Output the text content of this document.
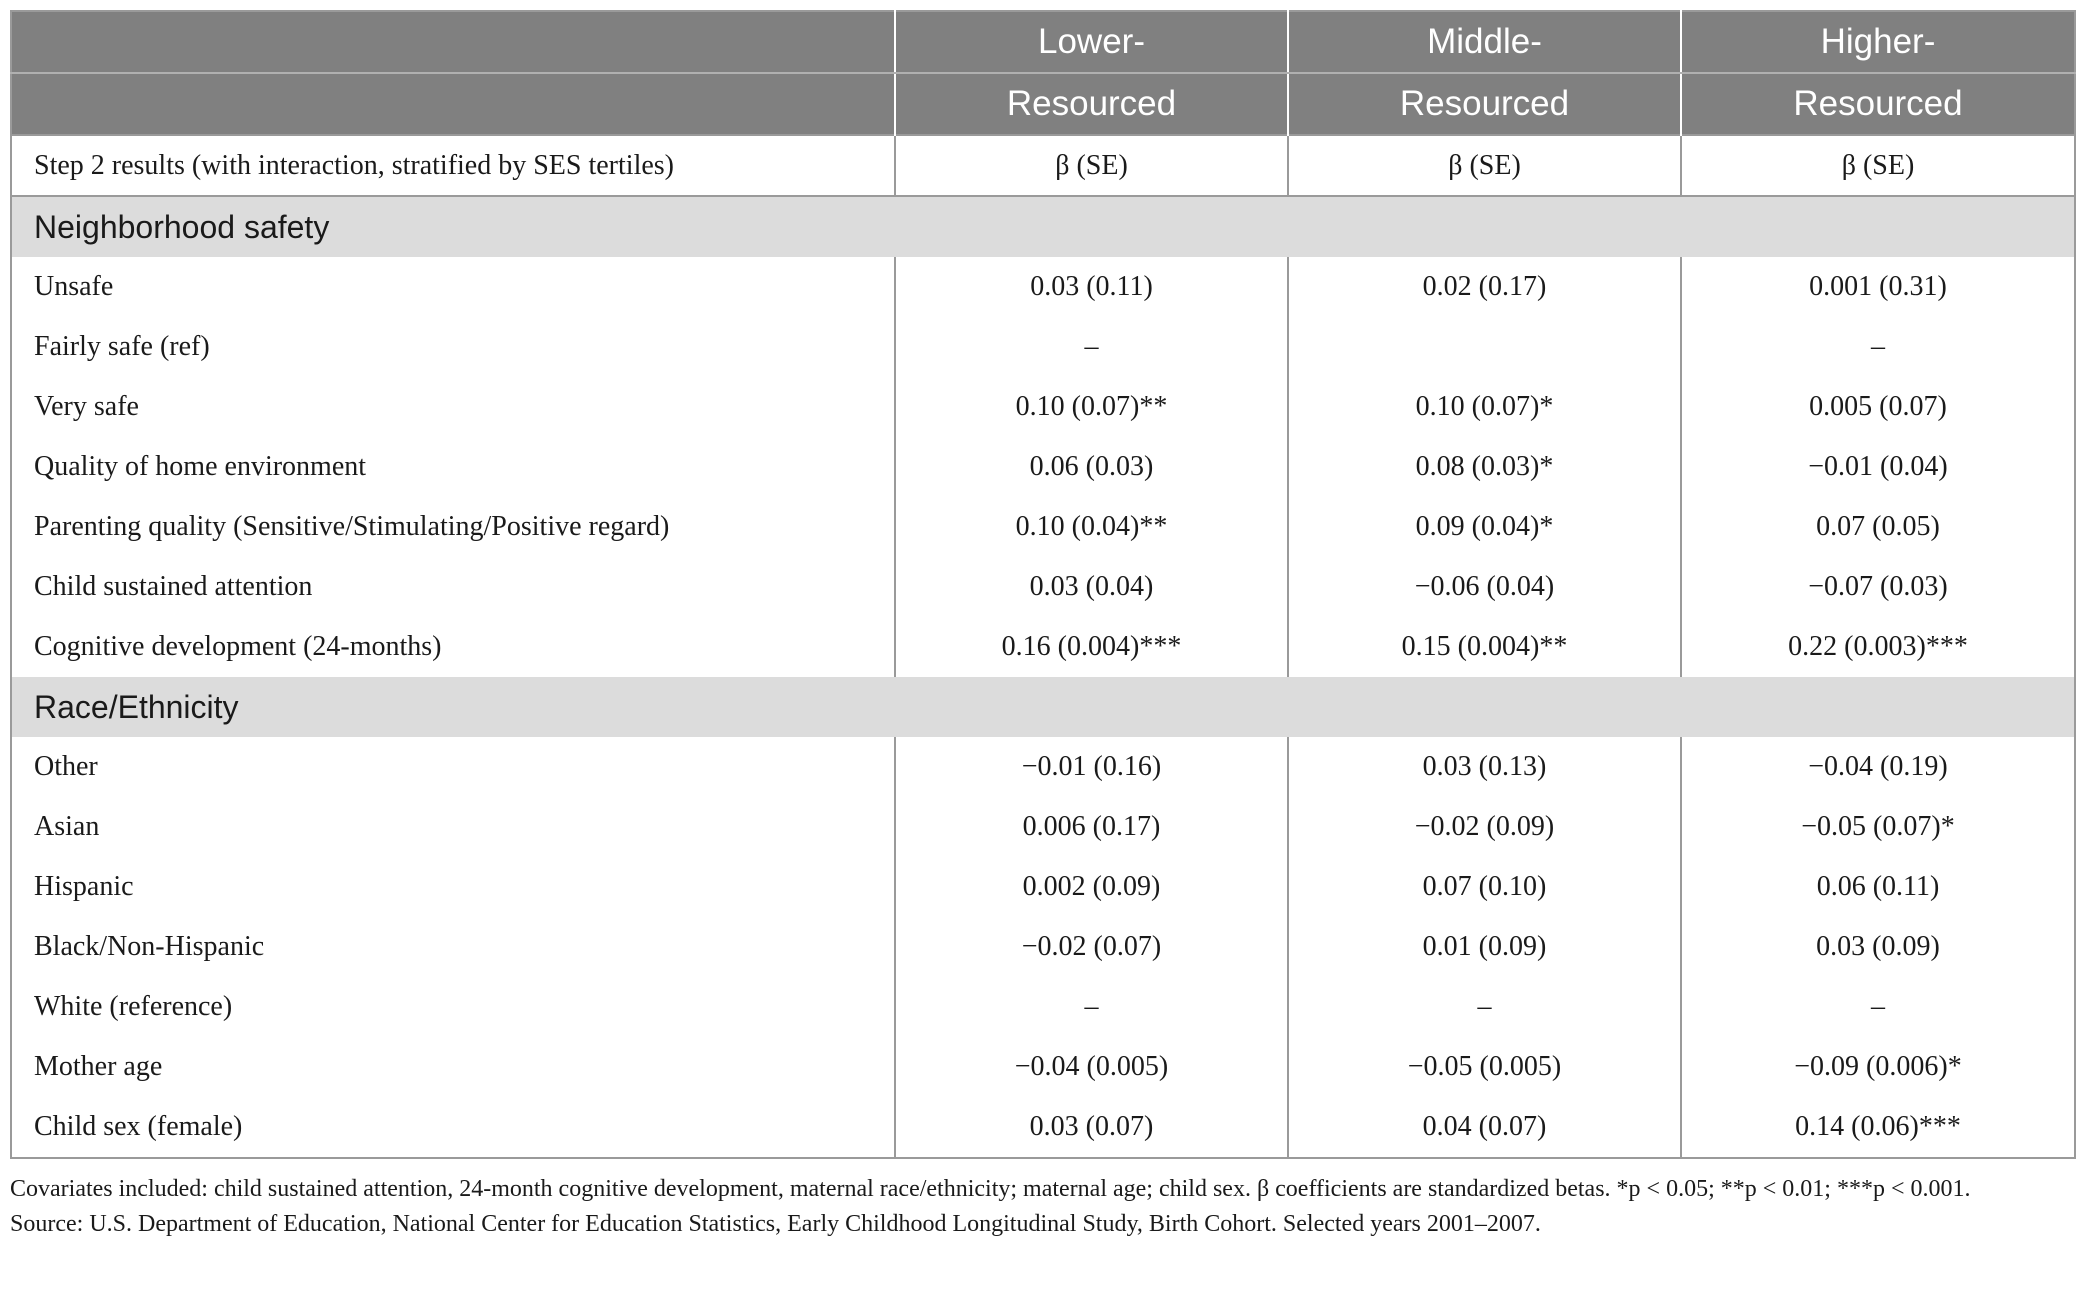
	Lower-	Middle-	Higher-
	Resourced	Resourced	Resourced
Step 2 results (with interaction, stratified by SES tertiles)	β (SE)	β (SE)	β (SE)
Neighborhood safety			
Unsafe	0.03 (0.11)	0.02 (0.17)	0.001 (0.31)
Fairly safe (ref)	–		–
Very safe	0.10 (0.07)**	0.10 (0.07)*	0.005 (0.07)
Quality of home environment	0.06 (0.03)	0.08 (0.03)*	−0.01 (0.04)
Parenting quality (Sensitive/Stimulating/Positive regard)	0.10 (0.04)**	0.09 (0.04)*	0.07 (0.05)
Child sustained attention	0.03 (0.04)	−0.06 (0.04)	−0.07 (0.03)
Cognitive development (24-months)	0.16 (0.004)***	0.15 (0.004)**	0.22 (0.003)***
Race/Ethnicity			
Other	−0.01 (0.16)	0.03 (0.13)	−0.04 (0.19)
Asian	0.006 (0.17)	−0.02 (0.09)	−0.05 (0.07)*
Hispanic	0.002 (0.09)	0.07 (0.10)	0.06 (0.11)
Black/Non-Hispanic	−0.02 (0.07)	0.01 (0.09)	0.03 (0.09)
White (reference)	–	–	–
Mother age	−0.04 (0.005)	−0.05 (0.005)	−0.09 (0.006)*
Child sex (female)	0.03 (0.07)	0.04 (0.07)	0.14 (0.06)***

Covariates included: child sustained attention, 24-month cognitive development, maternal race/ethnicity; maternal age; child sex. β coefficients are standardized betas. *p < 0.05; **p < 0.01; ***p < 0.001.

Source: U.S. Department of Education, National Center for Education Statistics, Early Childhood Longitudinal Study, Birth Cohort. Selected years 2001–2007.
